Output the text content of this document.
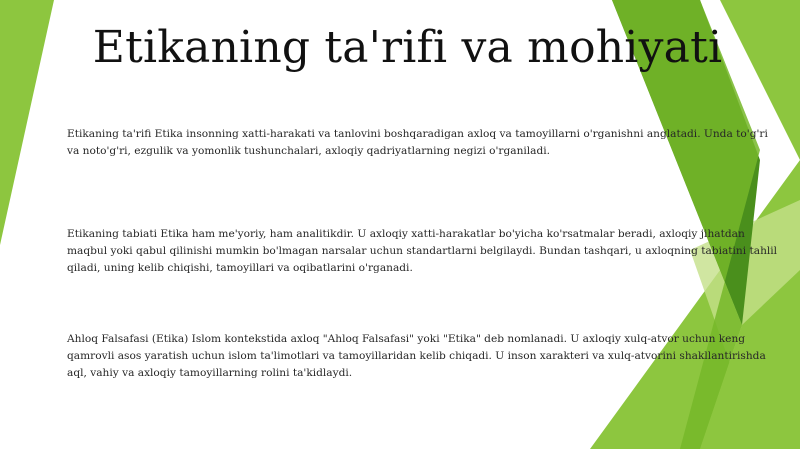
Etikaning ta'rifi va mohiyati
Etikaning ta'rifi Etika insonning xatti-harakati va tanlovini boshqaradigan axloq va tamoyillarni o'rganishni anglatadi. Unda to'g'ri va noto'g'ri, ezgulik va yomonlik tushunchalari, axloqiy qadriyatlarning negizi o'rganiladi.
Etikaning tabiati Etika ham me'yoriy, ham analitikdir. U axloqiy xatti-harakatlar bo'yicha ko'rsatmalar beradi, axloqiy jihatdan maqbul yoki qabul qilinishi mumkin bo'lmagan narsalar uchun standartlarni belgilaydi. Bundan tashqari, u axloqning tabiatini tahlil qiladi, uning kelib chiqishi, tamoyillari va oqibatlarini o'rganadi.
Ahloq Falsafasi (Etika) Islom kontekstida axloq "Ahloq Falsafasi" yoki "Etika" deb nomlanadi. U axloqiy xulq-atvor uchun keng qamrovli asos yaratish uchun islom ta'limotlari va tamoyillaridan kelib chiqadi. U inson xarakteri va xulq-atvorini shakllantirishda aql, vahiy va axloqiy tamoyillarning rolini ta'kidlaydi.
